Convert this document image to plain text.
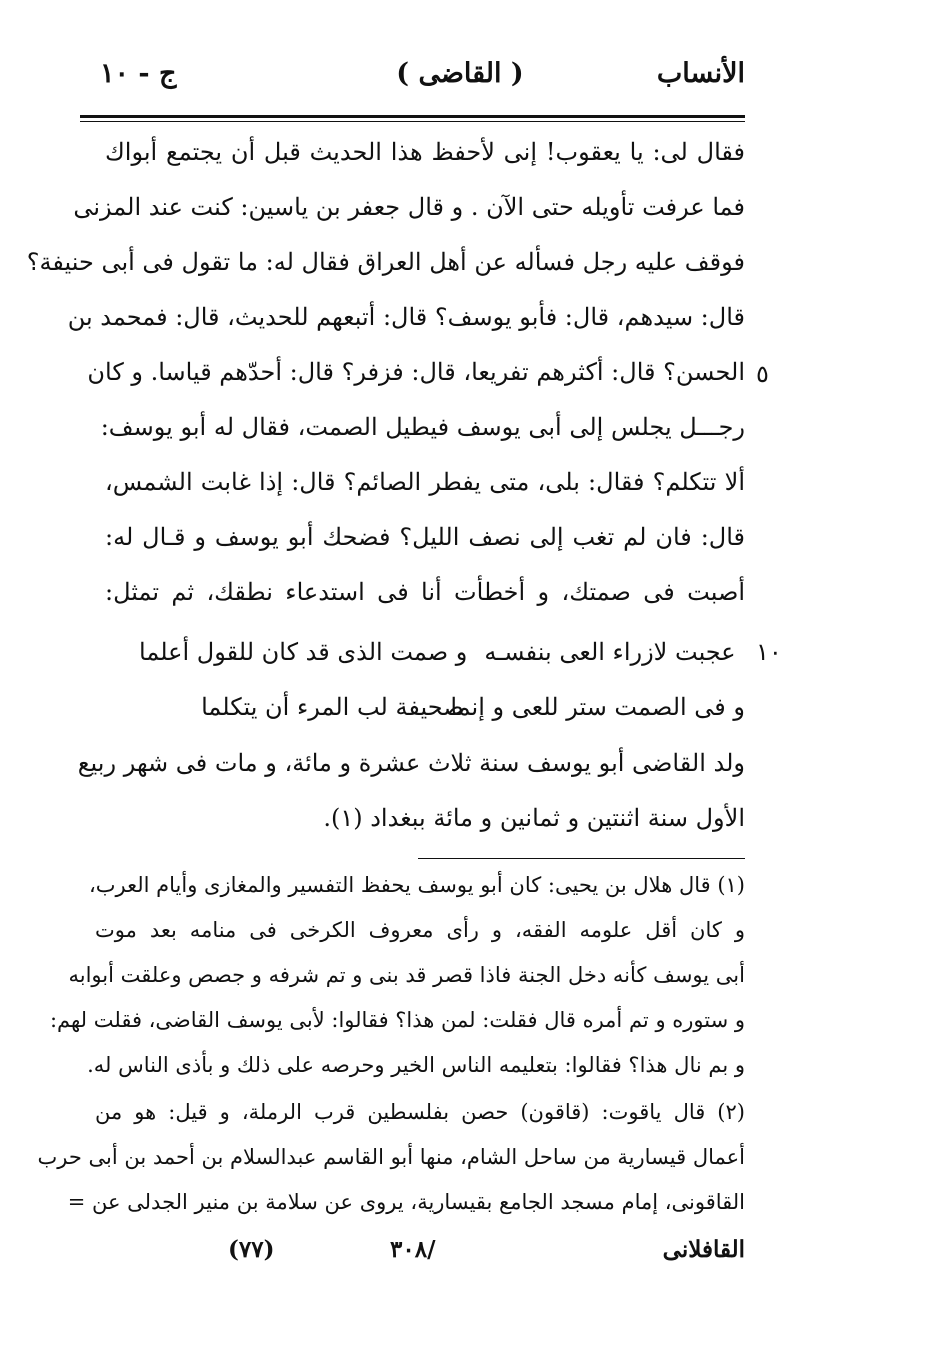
الأنساب
( القاضى )
ج - ١٠
فقال لى: يا يعقوب! إنى لأحفظ هذا الحديث قبل أن يجتمع أبواك
فما عرفت تأويله حتى الآن . و قال جعفر بن ياسين: كنت عند المزنى
فوقف عليه رجل فسأله عن أهل العراق فقال له: ما تقول فى أبى حنيفة؟
قال: سيدهم، قال: فأبو يوسف؟ قال: أتبعهم للحديث، قال: فمحمد بن
الحسن؟ قال: أكثرهم تفريعا، قال: فزفر؟ قال: أحدّهم قياسا. و كان ٥
رجـــل يجلس إلى أبى يوسف فيطيل الصمت، فقال له أبو يوسف:
ألا تتكلم؟ فقال: بلى، متى يفطر الصائم؟ قال: إذا غابت الشمس،
قال: فان لم تغب إلى نصف الليل؟ فضحك أبو يوسف و قـال له:
أصبت فى صمتك، و أخطأت أنا فى استدعاء نطقك، ثم تمثل:
١٠
عجبت لازراء العى بنفسـه و صمت الذى قد كان للقول أعلما
و فى الصمت ستر للعى و إنما صحيفة لب المرء أن يتكلما
ولد القاضى أبو يوسف سنة ثلاث عشرة و مائة، و مات فى شهر ربيع
الأول سنة اثنتين و ثمانين و مائة ببغداد (١).
(١) قال هلال بن يحيى: كان أبو يوسف يحفظ التفسير والمغازى وأيام العرب،
و كان أقل علومه الفقه، و رأى معروف الكرخى فى منامه بعد موت
أبى يوسف كأنه دخل الجنة فاذا قصر قد بنى و تم شرفه و جصص وعلقت أبوابه
و ستوره و تم أمره قال فقلت: لمن هذا؟ فقالوا: لأبى يوسف القاضى، فقلت لهم:
و بم نال هذا؟ فقالوا: بتعليمه الناس الخير وحرصه على ذلك و بأذى الناس له.
(٢) قال ياقوت: (قاقون) حصن بفلسطين قرب الرملة، و قيل: هو من
أعمال قيسارية من ساحل الشام، منها أبو القاسم عبدالسلام بن أحمد بن أبى حرب
القاقونى، إمام مسجد الجامع بقيسارية، يروى عن سلامة بن منير الجدلى عن =
القافلانى
(٧٧)	٣٠٨/
